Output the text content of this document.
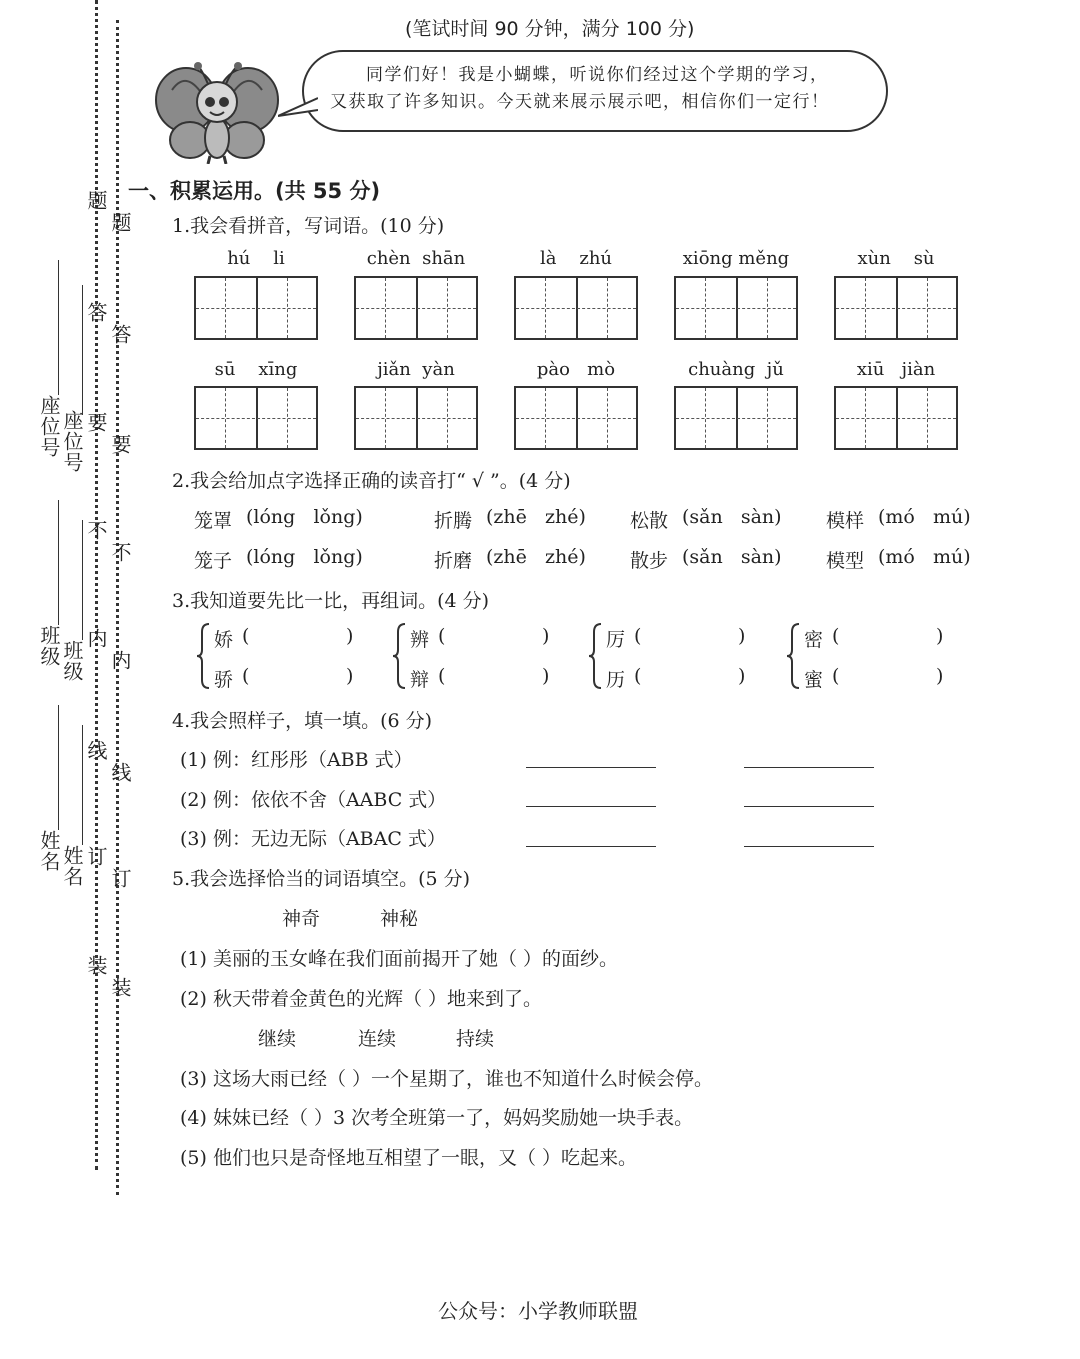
座位号 座位号
班级 班级
姓名 姓名
题
题
答
答
要
要
不
不
内
内
线
线
订
订
装
装
(笔试时间 90 分钟，满分 100 分)
同学们好！我是小蝴蝶，听说你们经过这个学期的学习，
又获取了许多知识。今天就来展示展示吧，相信你们一定行！
一、积累运用。(共 55 分)
1.我会看拼音，写词语。(10 分)
hú    li	chèn  shān	là    zhú	xiōng měng	xùn    sù
sū    xīng	jiǎn  yàn	pào   mò	chuàng  jǔ	xiū   jiàn
2.我会给加点字选择正确的读音打“ √ ”。(4 分)
笼罩 (lóng   lǒng)	折腾 (zhē   zhé) 松散 (sǎn   sàn) 模样 (mó   mú)
笼子 (lóng   lǒng)	折磨 (zhē   zhé) 散步 (sǎn   sàn) 模型 (mó   mú)
3.我知道要先比一比，再组词。(4 分)
娇 (	)
骄 (	)
辨 (	)
辩 (	)
厉 (	)
历 (	)
密 (	)
蜜 (	)
4.我会照样子，填一填。(6 分)
(1) 例：红彤彤（ABB 式）
(2) 例：依依不舍（AABC 式）
(3) 例：无边无际（ABAC 式）
5.我会选择恰当的词语填空。(5 分)
神奇	神秘
(1) 美丽的玉女峰在我们面前揭开了她（ ）的面纱。
(2) 秋天带着金黄色的光辉（ ）地来到了。
继续	连续	持续
(3) 这场大雨已经（ ）一个星期了，谁也不知道什么时候会停。
(4) 妹妹已经（ ）3 次考全班第一了，妈妈奖励她一块手表。
(5) 他们也只是奇怪地互相望了一眼，又（ ）吃起来。
公众号：小学教师联盟
